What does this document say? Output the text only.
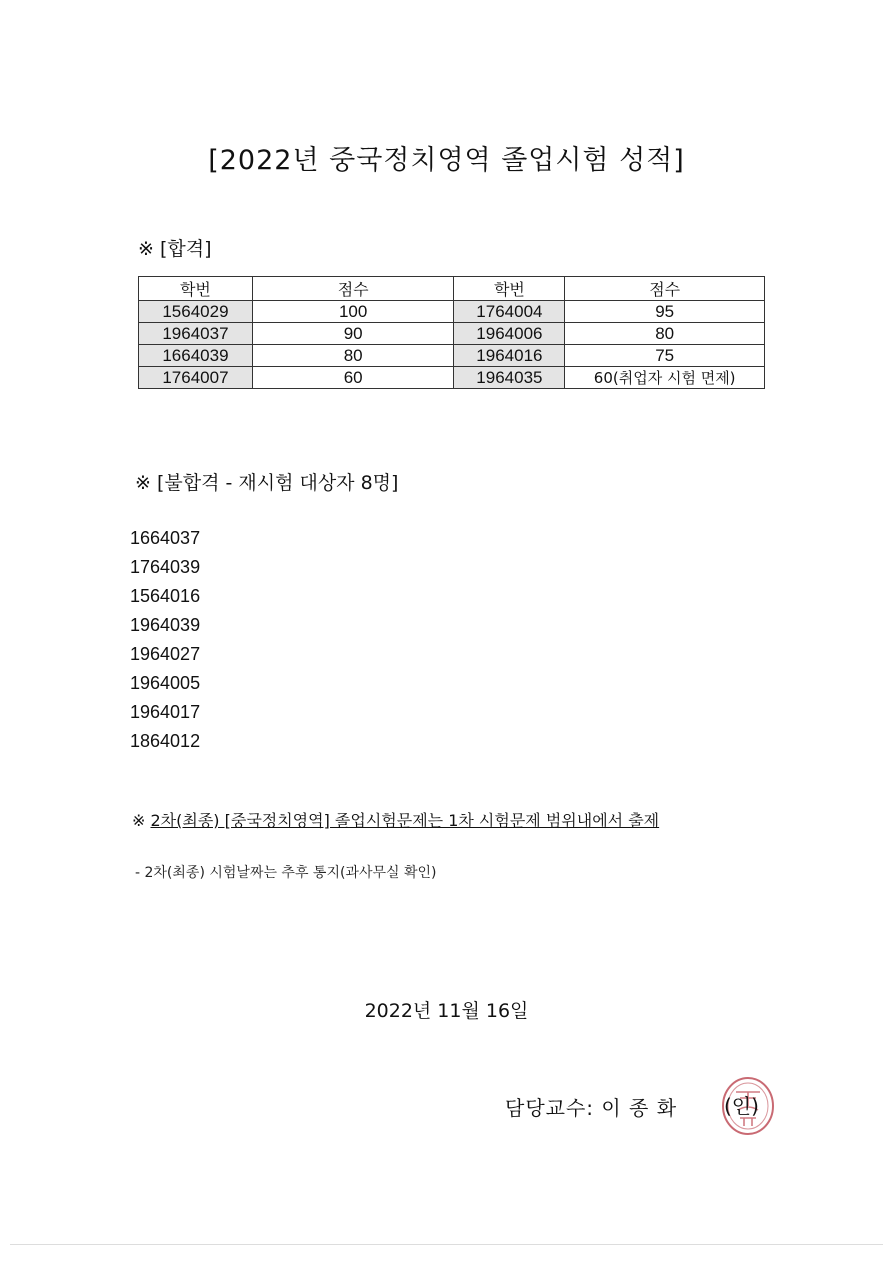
[2022년 중국정치영역 졸업시험 성적]
※ [합격]
학번	점수	학번	점수
1564029	100	1764004	95
1964037	90	1964006	80
1664039	80	1964016	75
1764007	60	1964035	60(취업자 시험 면제)
※ [불합격 - 재시험 대상자 8명]
1664037
1764039
1564016
1964039
1964027
1964005
1964017
1864012
※ 2차(최종) [중국정치영역] 졸업시험문제는 1차 시험문제 범위내에서 출제
- 2차(최종) 시험날짜는 추후 통지(과사무실 확인)
2022년 11월 16일
담당교수: 이 종 화 (인)
